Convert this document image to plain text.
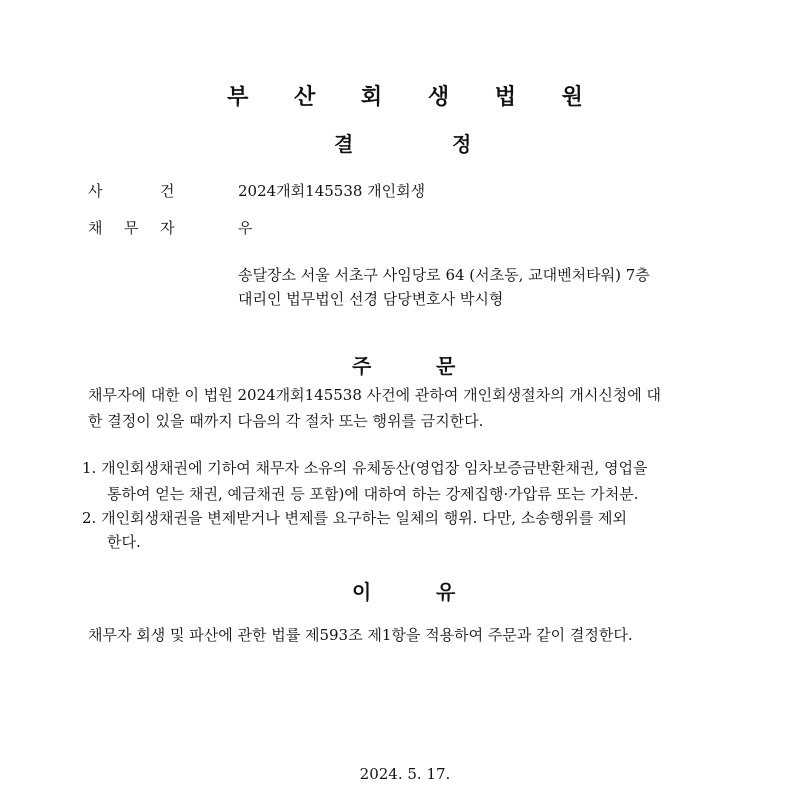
부 산 회 생 법 원
결	정
사	건	2024개회145538 개인회생
채 무 자	우
송달장소 서울 서초구 사임당로 64 (서초동, 교대벤처타워) 7층
대리인 법무법인 선경 담당변호사 박시형
주	문
채무자에 대한 이 법원 2024개회145538 사건에 관하여 개인회생절차의 개시신청에 대
한 결정이 있을 때까지 다음의 각 절차 또는 행위를 금지한다.
1. 개인회생채권에 기하여 채무자 소유의 유체동산(영업장 임차보증금반환채권, 영업을
통하여 얻는 채권, 예금채권 등 포함)에 대하여 하는 강제집행·가압류 또는 가처분.
2. 개인회생채권을 변제받거나 변제를 요구하는 일체의 행위. 다만, 소송행위를 제외
한다.
이	유
채무자 회생 및 파산에 관한 법률 제593조 제1항을 적용하여 주문과 같이 결정한다.
2024. 5. 17.
